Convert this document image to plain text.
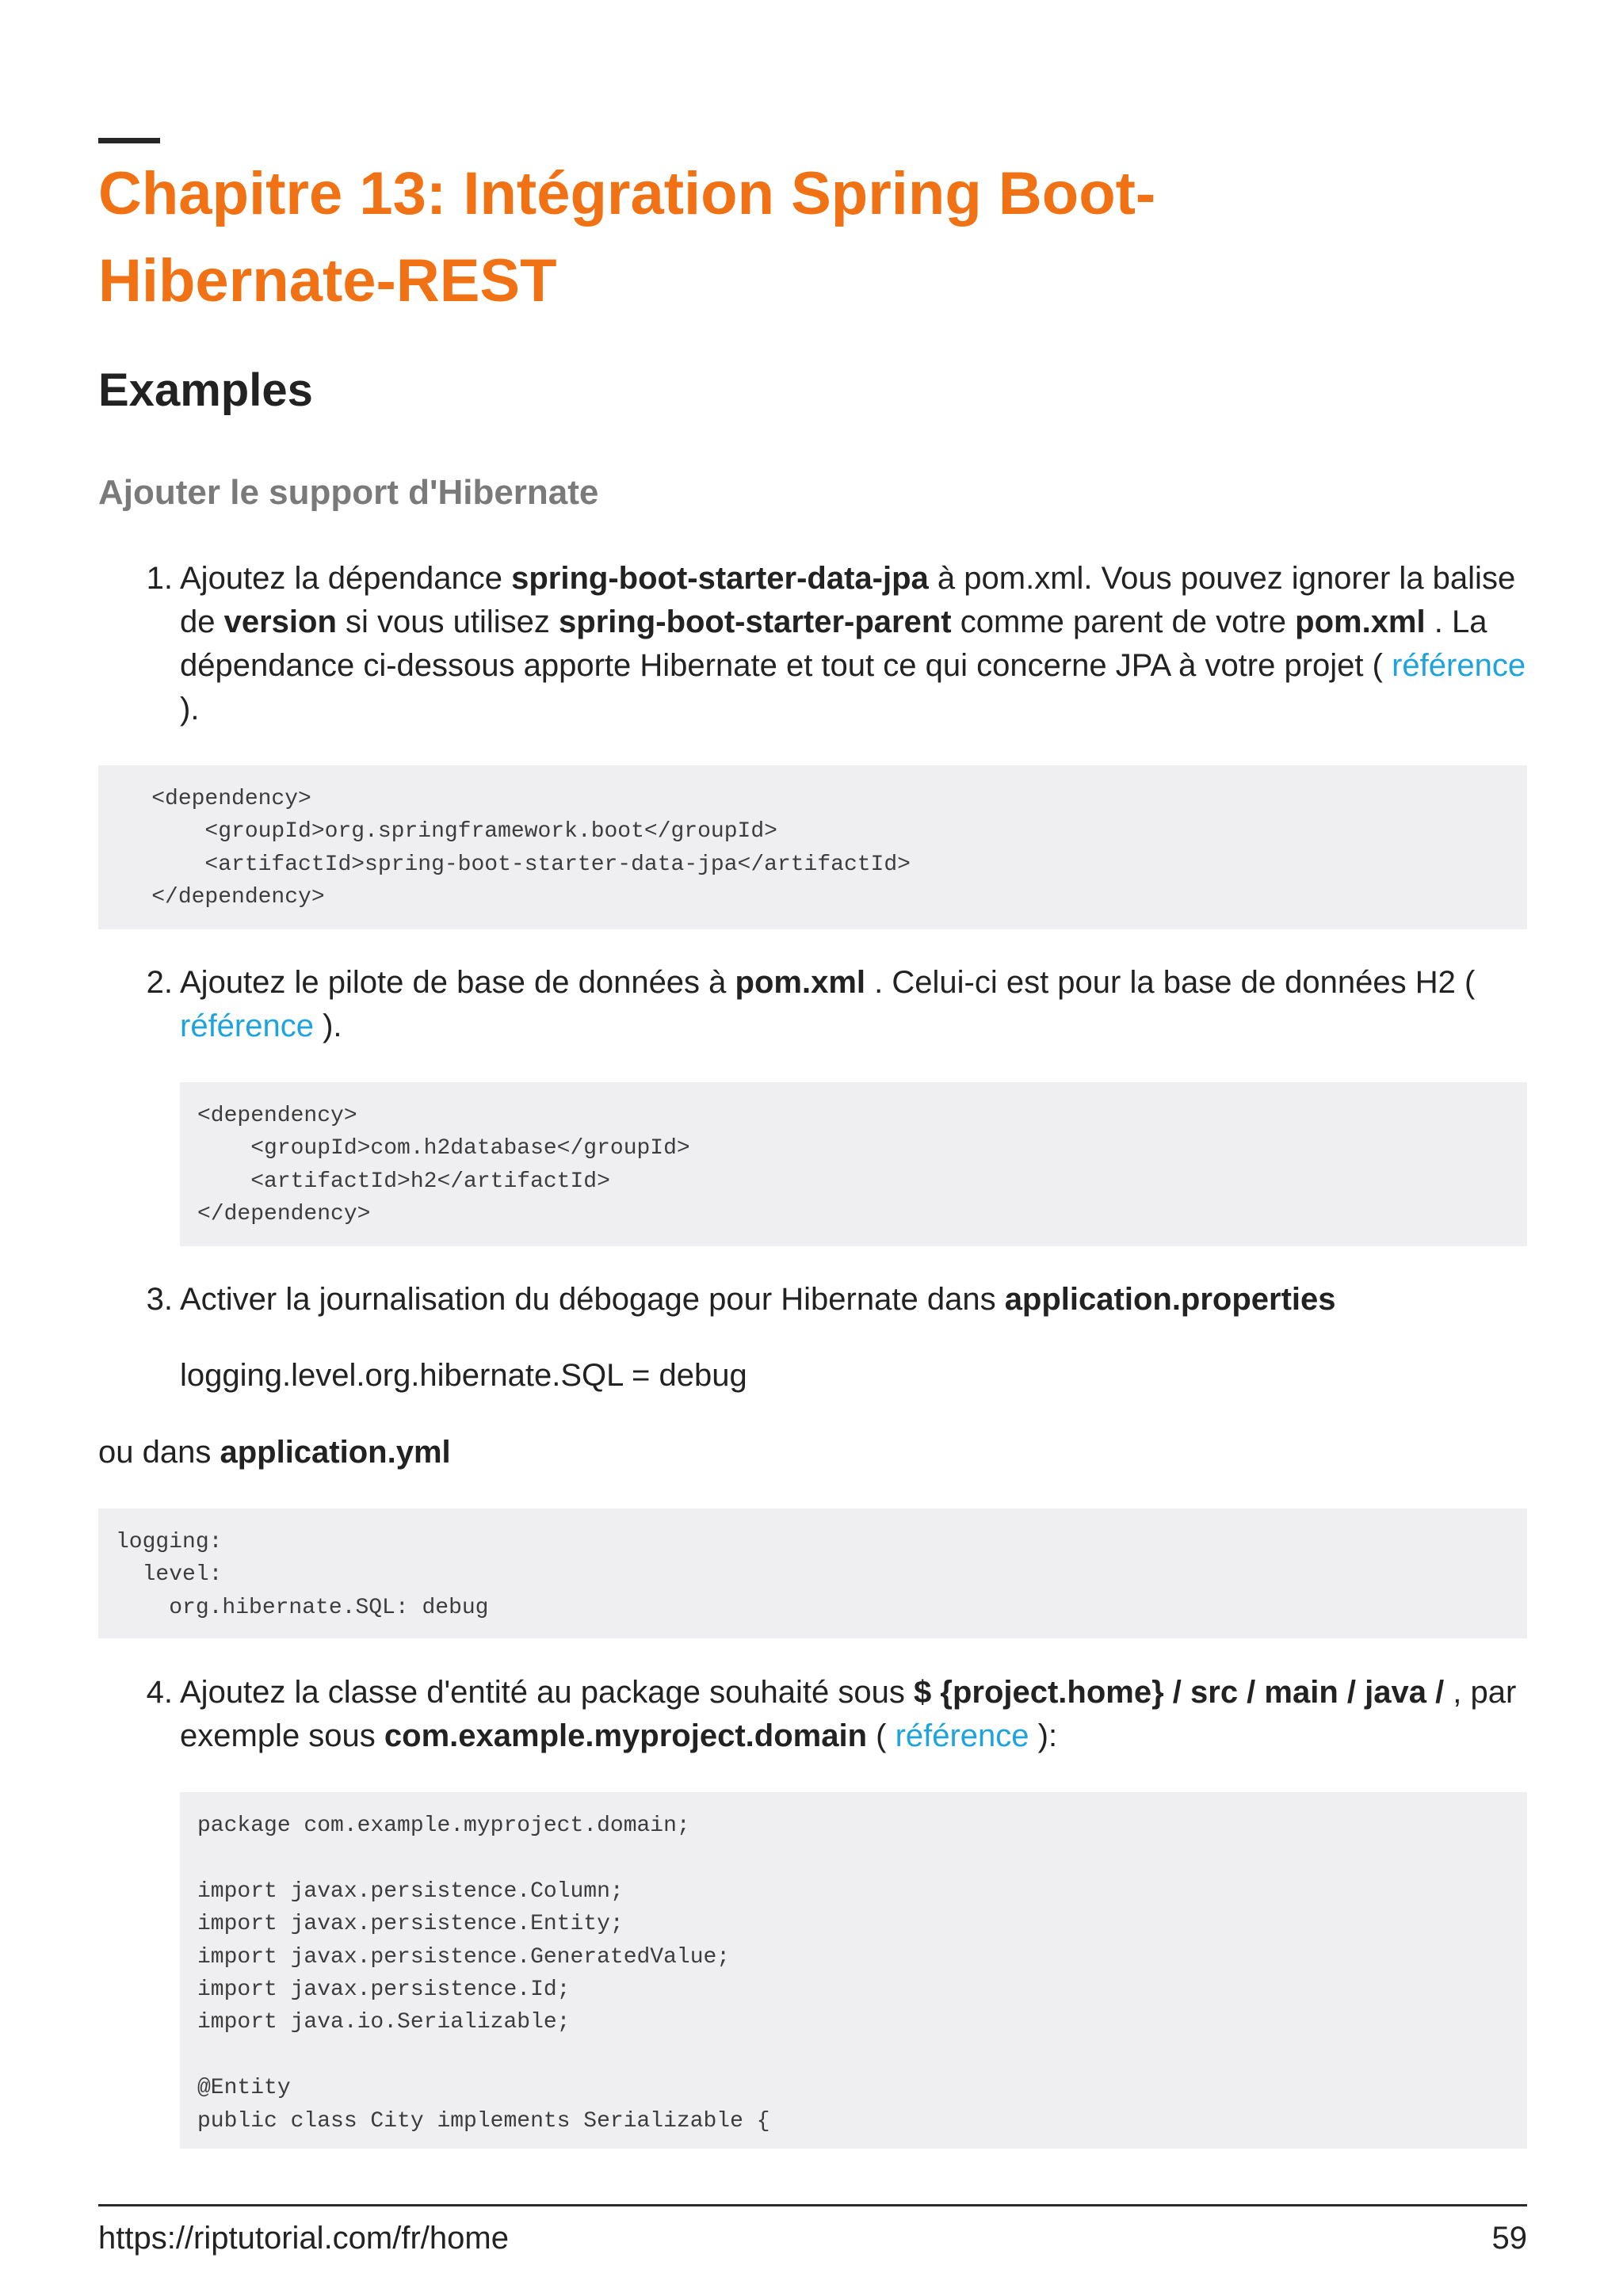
Chapitre 13: Intégration Spring Boot-Hibernate-REST
Examples
Ajouter le support d'Hibernate
1. Ajoutez la dépendance spring-boot-starter-data-jpa à pom.xml. Vous pouvez ignorer la balise de version si vous utilisez spring-boot-starter-parent comme parent de votre pom.xml . La dépendance ci-dessous apporte Hibernate et tout ce qui concerne JPA à votre projet ( référence ).

<dependency>
<groupId>org.springframework.boot</groupId>
<artifactId>spring-boot-starter-data-jpa</artifactId>
</dependency>
2. Ajoutez le pilote de base de données à pom.xml . Celui-ci est pour la base de données H2 ( référence ).

<dependency>
<groupId>com.h2database</groupId>
<artifactId>h2</artifactId>
</dependency>
3. Activer la journalisation du débogage pour Hibernate dans application.properties

logging.level.org.hibernate.SQL = debug

ou dans application.yml

logging:
level:
org.hibernate.SQL: debug
4. Ajoutez la classe d'entité au package souhaité sous $ {project.home} / src / main / java / , par exemple sous com.example.myproject.domain ( référence ):

package com.example.myproject.domain;

import javax.persistence.Column;
import javax.persistence.Entity;
import javax.persistence.GeneratedValue;
import javax.persistence.Id;
import java.io.Serializable;

@Entity
public class City implements Serializable {
https://riptutorial.com/fr/home	59
